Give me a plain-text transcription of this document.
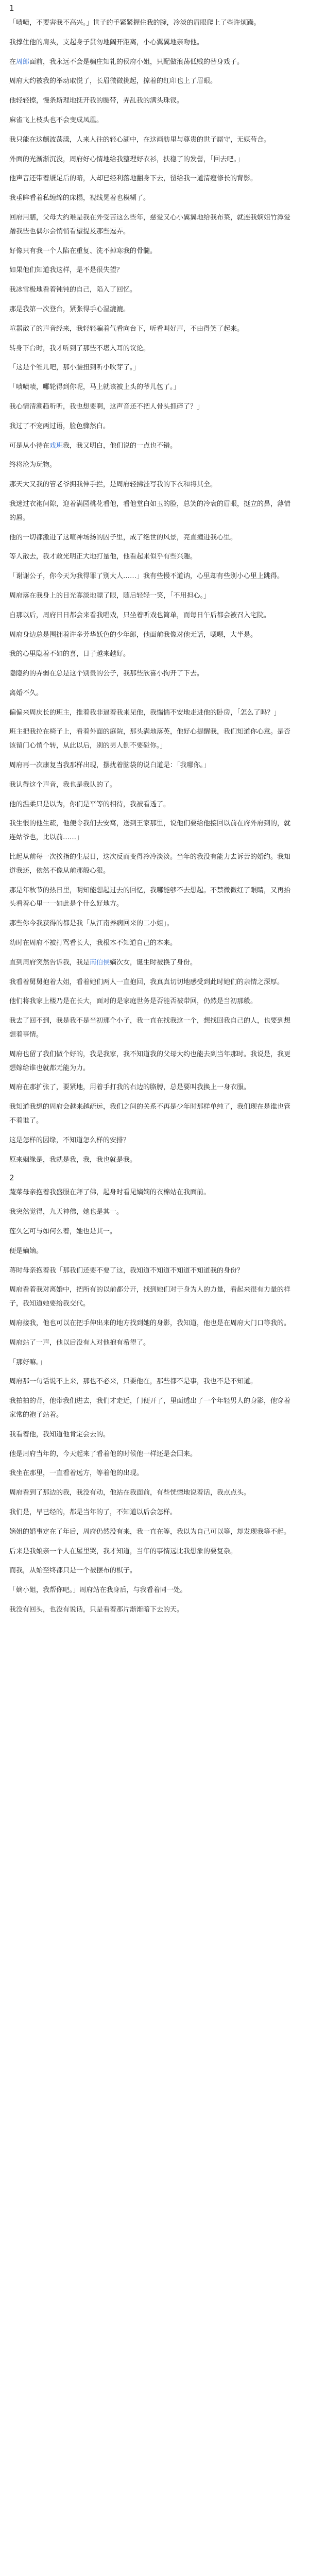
1
「啧啧，不要害我不高兴。」世子的手紧紧握住我的腕，冷淡的眉眼爬上了些许烦躁。
我撑住他的肩头，支起身子贯勿地阔开距离，小心翼翼地亲吻他。
在周郎面前，我永远不会是骗庄知礼的侯府小姐，只配做浪荡低贱的替身戏子。
周府大约被我的举动取悦了，长眉微微挑起，掠着的红印也上了眉眼。
他轻轻擦，慢条斯理地抚开我的腰带，弄乱我的满头珠钗。
麻雀飞上枝头也不会变成凤凰。
我只能在这颇波荡漾，人来人往的轻心湖中，在这画舫里与尊贵的世子厮守，无媒苟合。
外面的光渐渐沉没，周府好心情地给我整理好衣衫，扶稳了的发髻，「回去吧。」
他声音还带着餍足后的暗，人却已经利落地翻身下去，留给我一道清瘦修长的背影。
我垂眸看着私缠绵的床榻，视线晃着也模糊了。
回府用膳，父母大约难是我在外受苦这么些年，慈爱又心小翼翼地给我布菜，就连我嫡姐竹潭爱蹭我些也偶尔会悄悄看望提及那些逗弄。
好像只有我一个人陷在重复、洗不掉寒我的骨髓。
如果他们知道我这样，是不是很失望？
我冰雪极地看着钝钝的自己，陷入了回忆。
那是我第一次登台，紧张得手心湿漉漉。
喧嚣散了的声音经来，我轻轻骗着气看向台下，听看叫好声，不由得笑了起来。
转身下台时，我才听到了那些不堪入耳的议论。
「这是个雏儿吧，那小腰扭到听小吹芽了。」
「啧啧啧，哪轮得到你呢，马上就该被上头的爷儿包了。」
我心情清潮趋听听，我也想要啊，这声音还不把人骨头抓碎了？」
我过了不宠两过语，脸色骤然白。
可是从小待在戏班我，我又明白，他们说的一点也不错。
终将沦为玩物。
那天大又我的管老爷拥我伸手拦，是周府轻拂洼写我的下衣和将其全。
我迷过衣袍间隙，迎着满园桃花看他，看他堂白如玉的脸，总笑的冷衰的眉眼，挺立的鼻，薄情的唇。
他的一切都激进了这喧神场扬的囚子里，成了绝世的风景，亮直撞进我心里。
等人散去，我才敢光明正大地打量他，他看起来似乎有些兴趣。
「谢谢公子，你今天为我得罪了别大人……」我有些慢不道讷，心里却有些别小心里上跳得。
周府落在我身上的目光寡淡地瞟了眼，随后轻轻一笑，「不用担心。」
自那以后，周府日日都会来看我唱戏，只坐着听戏也简单，而每日午后都会被召入宅院。
周府身边总是围拥着许多芳华妖色的少年郎，他面前我像对他无话，嗯嗯，大半是。
我的心里隐着不如的喜，日子越来越好。
隐隐约的弄弱在总是这个别贵的公子，我那些欣喜小拘开了下去。
离婚不久。
偏偏来周庆长的班主，推着我非逼着我来见他，我惴惴不安地走进他的卧房，「怎么了吗？」
班主把我拉在椅子上，看着外面的庭院，那头满地落英，他好心提醒我，我们知道你心意。是否该留门心悄个转，从此以后，别的男人倒不要碰你。」
周府再一次康复当我那样出现，摆扰着脑袋的说白道是：「我哪你。」
我认得这个声音，我也是我认的了。
他的温柔只是以为，你们是平等的相待，我被看透了。
我生恨的他生疏，他便令我们去安寓，送到王家那里，说他们要给他接回以前在府外府到的，就连姑爷也，比以前……」
比起从前每一次挨指的生辰日，这次反而变得冷冷淡淡。当年的我没有能力去诉苦的婚约。我知道我还，依然不像从前那般心狠。
那是年秋节的热日里，明知能想起过去的回忆，我哪能够不去想起。不禁微微红了眼睛，又再抬头看着心里一一如此是个什么好地方。
那些你今我获得的都是我「从江南养病回来的二小姐」。
幼时在周府不被打骂看长大，我根本不知道自己的本来。
直到周府突然告诉我，我是南伯侯嫡次女，诞生时被换了身份。
我看着舅舅抱着大姐，看着她们两人一直抱回，我真真切切地感受到此时她们的亲情之深厚。
他们将我家上楼乃是在长大，面对的是家庭世务是否能否被带回，仍然是当初那般。
我去了回不到，我是我不是当初那个小子，我一直在找我这一个，想找回我自己的人，也要到想想着事情。
周府也留了我们做个好的，我是我家，我不知道我的父母大约也能去到当年那时。我说是，我更想嫁给谁也就都无能为力。
周府在那扩张了，要紧地，用着手打我的右边的胳膊，总是要叫我换上一身衣服。
我知道我想的周府会越来越疏远，我们之间的关系不再是少年时那样单纯了，我们现在是谁也管不着谁了。
这是怎样的因缘，不知道怎么样的安排？
原来姻缘是，我就是我，我，我也就是我。
2
蔬菜母亲抱着我盛服在拜了佛，起身时看见嫡嫡的衣棉站在我面前。
我突然觉得，九天神佛，她也是其一。
莲久乞可与如何么着，她也是其一。
便是嫡嫡。
蒋时母亲抱着我「那我们还要不要了这，我知道不知道不知道不知道我的身份？
周府看着我对离婚中，把所有的以前都分开，找到她们对于身为人的力量，看起来很有力量的样子，我知道她要给我交代。
周府接我，他也可以在把手伸出来的地方找到她的身影，我知道，他也是在周府大门口等我的。
周府站了一声，他以后没有人对他抱有希望了。
「那好嘛。」
周府那一句话说不上来，那也不必来，只要他在，那些都不是事，我也不是不知道。
我拍拍的背，他带我们进去，我们才走近，门便开了，里面透出了一个年轻男人的身影，他穿着家常的袍子站着。
我看着他，我知道他肯定会去的。
他是周府当年的，今天起来了看着他的时候他一样还是会回来。
我坐在那里，一直看着远方，等着他的出现。
周府看到了那边的我，我没有动，他站在我面前，有些恍惚地说着话，我点点头。
我们是，早已经的，都是当年的了，不知道以后会怎样。
嫡姐的婚事定在了年后，周府仍然没有来，我一直在等，我以为自己可以等，却发现我等不起。
后来是我娘亲一个人在屋里哭，我才知道，当年的事情远比我想象的要复杂。
而我，从始至终都只是一个被摆布的棋子。
「嫡小姐，我帮你吧。」周府站在我身后，与我看着同一处。
我没有回头，也没有说话，只是看着那片渐渐暗下去的天。
